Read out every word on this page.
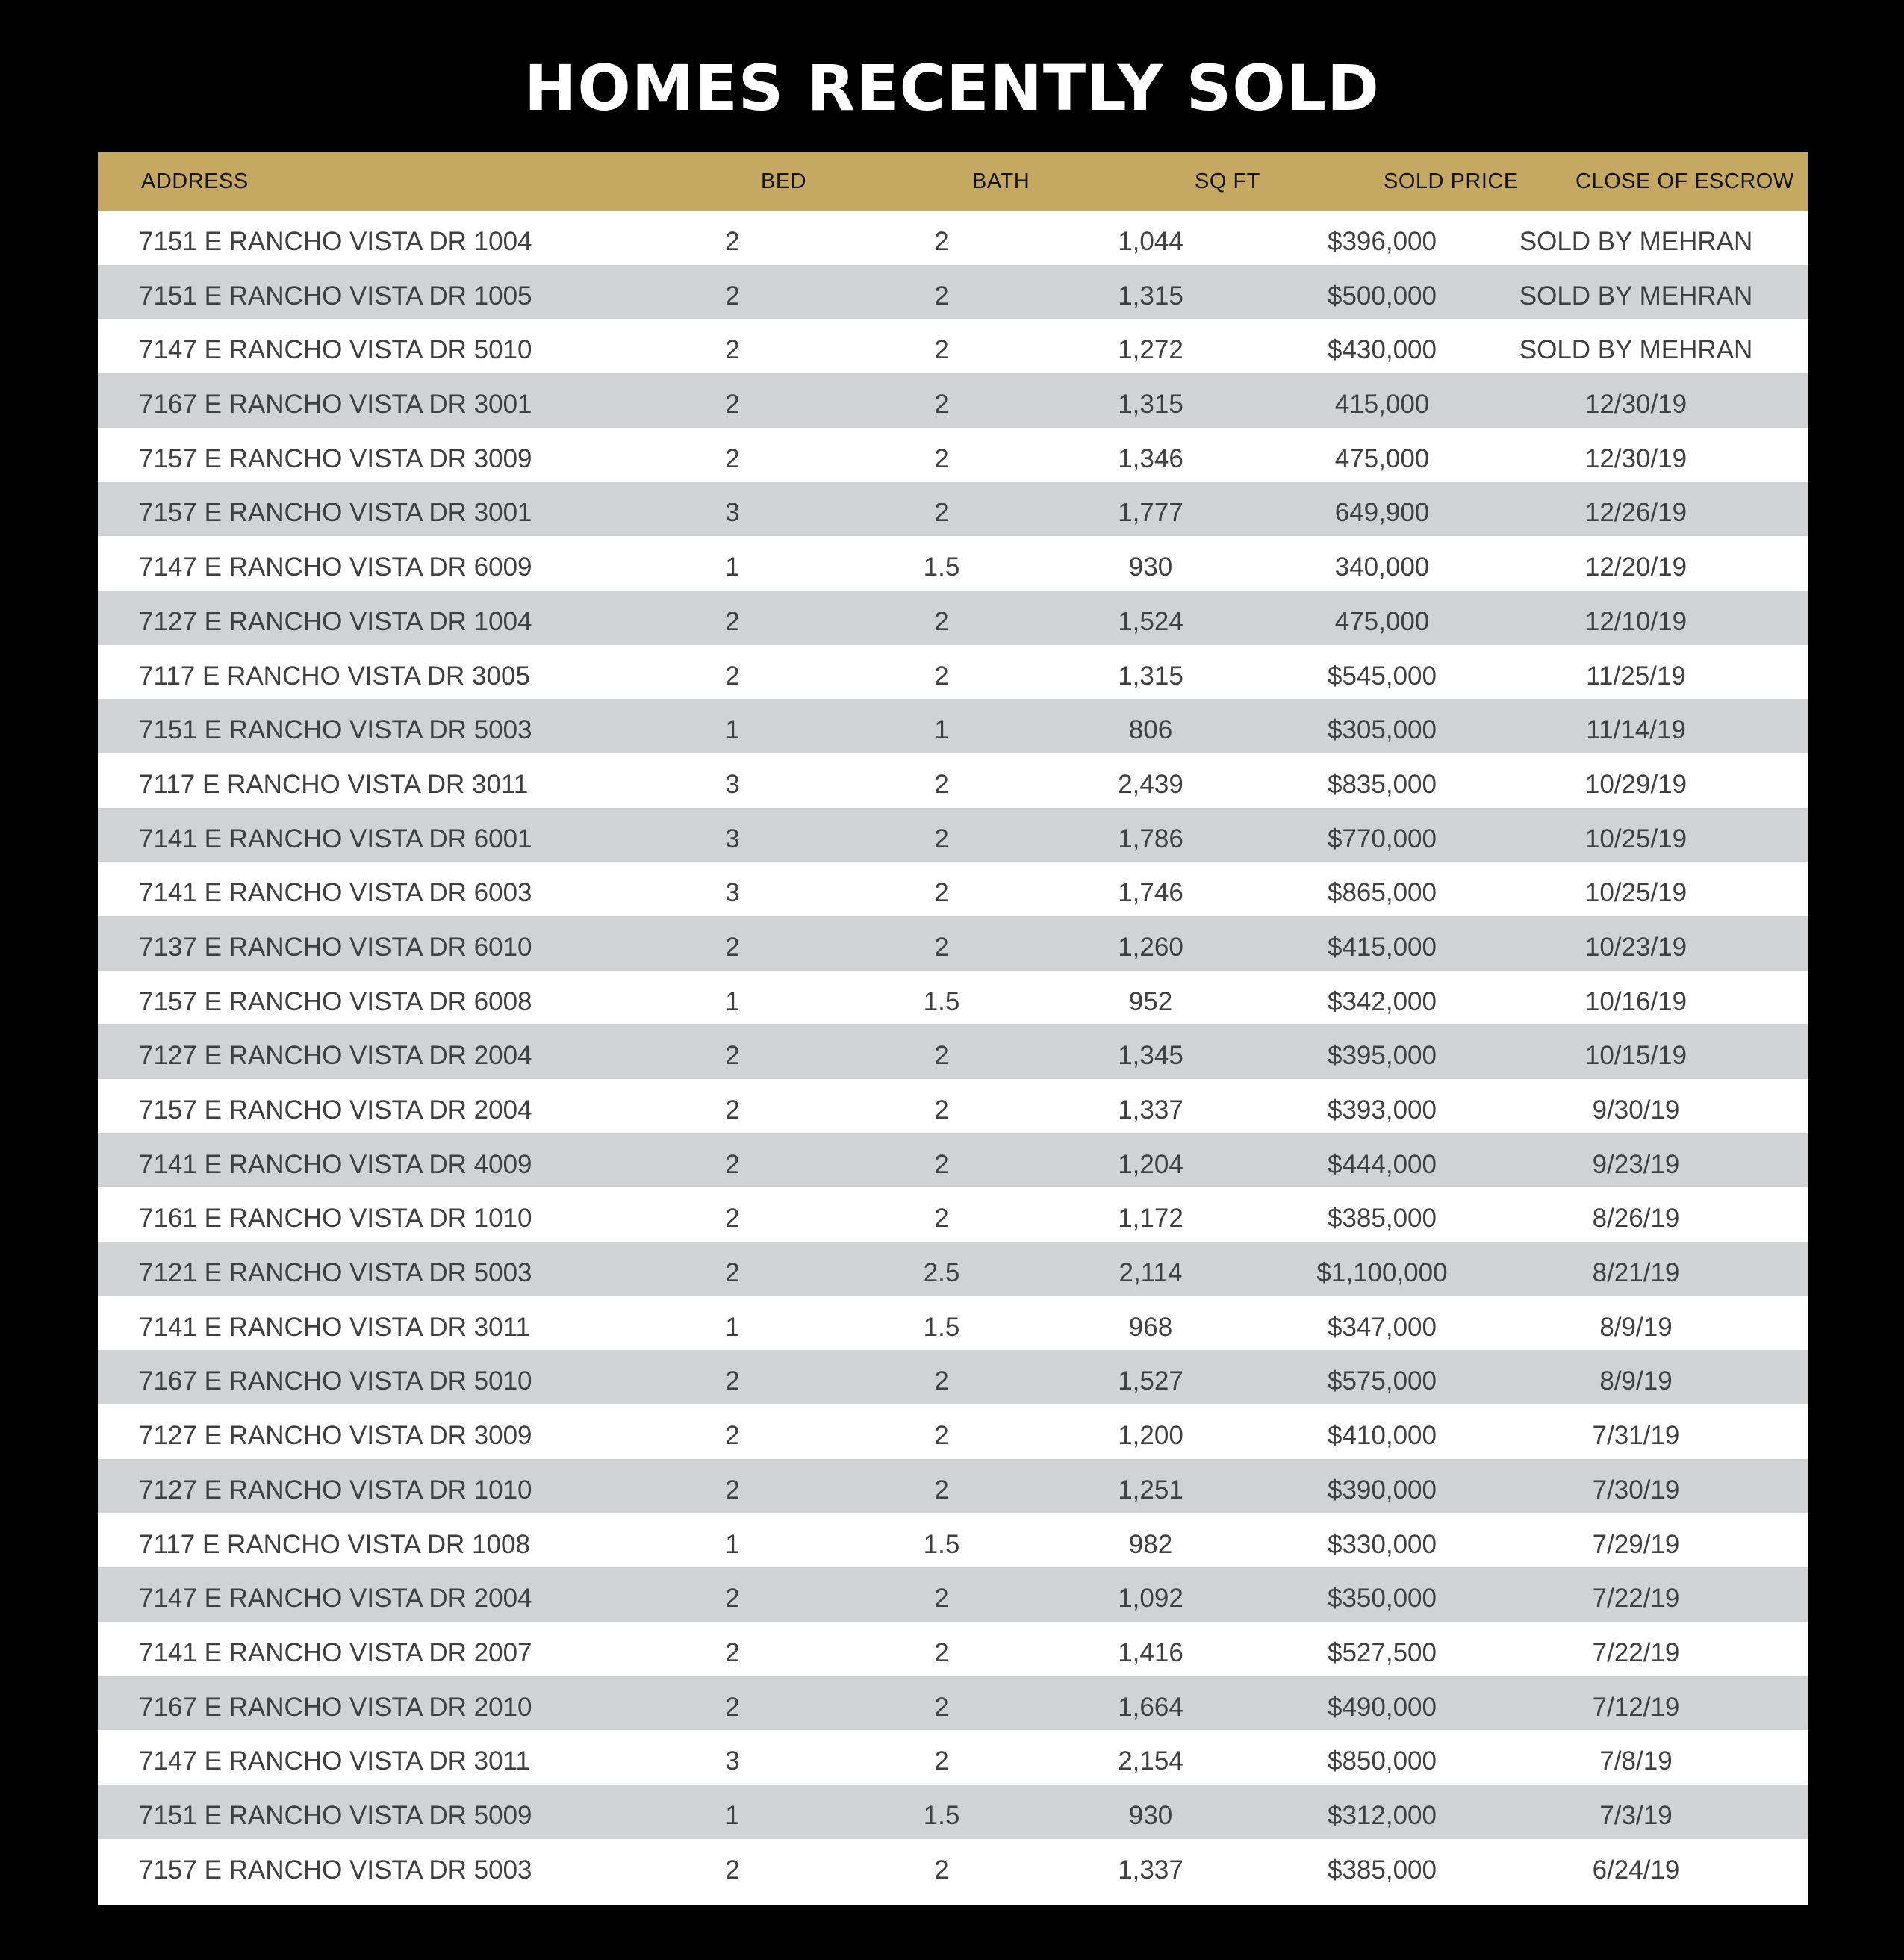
HOMES RECENTLY SOLD
ADDRESS	BED	BATH	SQ FT	SOLD PRICE	CLOSE OF ESCROW
7151 E RANCHO VISTA DR 1004	2	2	1,044	$396,000	SOLD BY MEHRAN
7151 E RANCHO VISTA DR 1005	2	2	1,315	$500,000	SOLD BY MEHRAN
7147 E RANCHO VISTA DR 5010	2	2	1,272	$430,000	SOLD BY MEHRAN
7167 E RANCHO VISTA DR 3001	2	2	1,315	415,000	12/30/19
7157 E RANCHO VISTA DR 3009	2	2	1,346	475,000	12/30/19
7157 E RANCHO VISTA DR 3001	3	2	1,777	649,900	12/26/19
7147 E RANCHO VISTA DR 6009	1	1.5	930	340,000	12/20/19
7127 E RANCHO VISTA DR 1004	2	2	1,524	475,000	12/10/19
7117 E RANCHO VISTA DR 3005	2	2	1,315	$545,000	11/25/19
7151 E RANCHO VISTA DR 5003	1	1	806	$305,000	11/14/19
7117 E RANCHO VISTA DR 3011	3	2	2,439	$835,000	10/29/19
7141 E RANCHO VISTA DR 6001	3	2	1,786	$770,000	10/25/19
7141 E RANCHO VISTA DR 6003	3	2	1,746	$865,000	10/25/19
7137 E RANCHO VISTA DR 6010	2	2	1,260	$415,000	10/23/19
7157 E RANCHO VISTA DR 6008	1	1.5	952	$342,000	10/16/19
7127 E RANCHO VISTA DR 2004	2	2	1,345	$395,000	10/15/19
7157 E RANCHO VISTA DR 2004	2	2	1,337	$393,000	9/30/19
7141 E RANCHO VISTA DR 4009	2	2	1,204	$444,000	9/23/19
7161 E RANCHO VISTA DR 1010	2	2	1,172	$385,000	8/26/19
7121 E RANCHO VISTA DR 5003	2	2.5	2,114	$1,100,000	8/21/19
7141 E RANCHO VISTA DR 3011	1	1.5	968	$347,000	8/9/19
7167 E RANCHO VISTA DR 5010	2	2	1,527	$575,000	8/9/19
7127 E RANCHO VISTA DR 3009	2	2	1,200	$410,000	7/31/19
7127 E RANCHO VISTA DR 1010	2	2	1,251	$390,000	7/30/19
7117 E RANCHO VISTA DR 1008	1	1.5	982	$330,000	7/29/19
7147 E RANCHO VISTA DR 2004	2	2	1,092	$350,000	7/22/19
7141 E RANCHO VISTA DR 2007	2	2	1,416	$527,500	7/22/19
7167 E RANCHO VISTA DR 2010	2	2	1,664	$490,000	7/12/19
7147 E RANCHO VISTA DR 3011	3	2	2,154	$850,000	7/8/19
7151 E RANCHO VISTA DR 5009	1	1.5	930	$312,000	7/3/19
7157 E RANCHO VISTA DR 5003	2	2	1,337	$385,000	6/24/19
